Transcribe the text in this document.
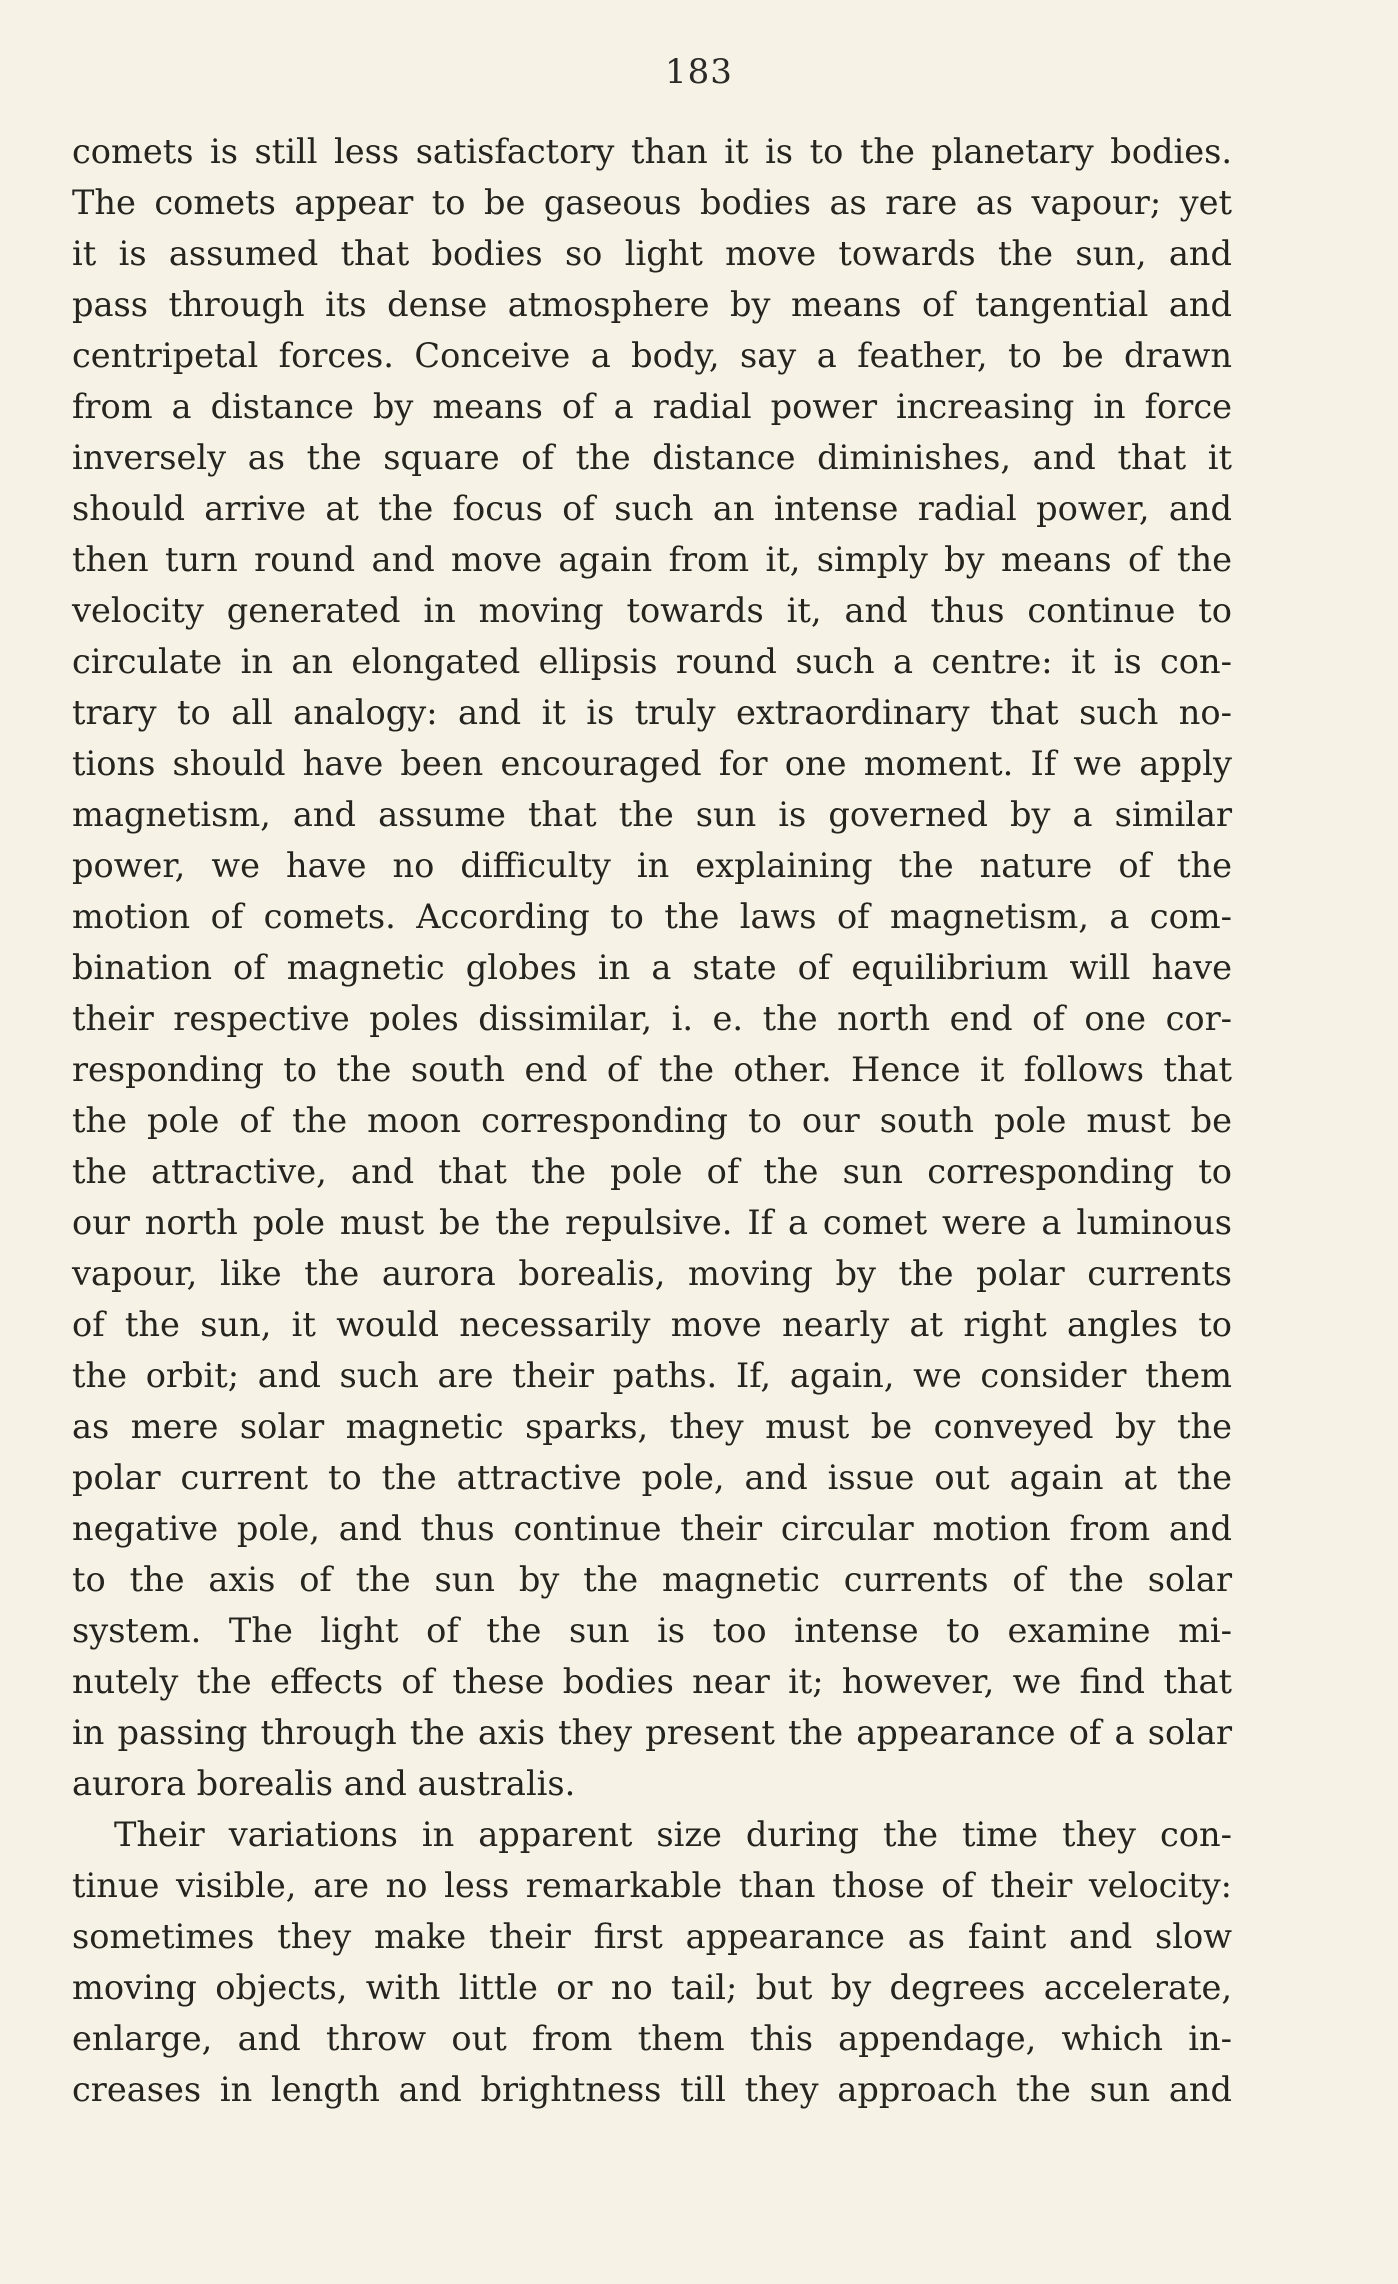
183
comets is still less satisfactory than it is to the planetary bodies.
The comets appear to be gaseous bodies as rare as vapour; yet
it is assumed that bodies so light move towards the sun, and
pass through its dense atmosphere by means of tangential and
centripetal forces. Conceive a body, say a feather, to be drawn
from a distance by means of a radial power increasing in force
inversely as the square of the distance diminishes, and that it
should arrive at the focus of such an intense radial power, and
then turn round and move again from it, simply by means of the
velocity generated in moving towards it, and thus continue to
circulate in an elongated ellipsis round such a centre: it is con-
trary to all analogy: and it is truly extraordinary that such no-
tions should have been encouraged for one moment. If we apply
magnetism, and assume that the sun is governed by a similar
power, we have no difficulty in explaining the nature of the
motion of comets. According to the laws of magnetism, a com-
bination of magnetic globes in a state of equilibrium will have
their respective poles dissimilar, i. e. the north end of one cor-
responding to the south end of the other. Hence it follows that
the pole of the moon corresponding to our south pole must be
the attractive, and that the pole of the sun corresponding to
our north pole must be the repulsive. If a comet were a luminous
vapour, like the aurora borealis, moving by the polar currents
of the sun, it would necessarily move nearly at right angles to
the orbit; and such are their paths. If, again, we consider them
as mere solar magnetic sparks, they must be conveyed by the
polar current to the attractive pole, and issue out again at the
negative pole, and thus continue their circular motion from and
to the axis of the sun by the magnetic currents of the solar
system. The light of the sun is too intense to examine mi-
nutely the effects of these bodies near it; however, we find that
in passing through the axis they present the appearance of a solar
aurora borealis and australis.
Their variations in apparent size during the time they con-
tinue visible, are no less remarkable than those of their velocity:
sometimes they make their first appearance as faint and slow
moving objects, with little or no tail; but by degrees accelerate,
enlarge, and throw out from them this appendage, which in-
creases in length and brightness till they approach the sun and
